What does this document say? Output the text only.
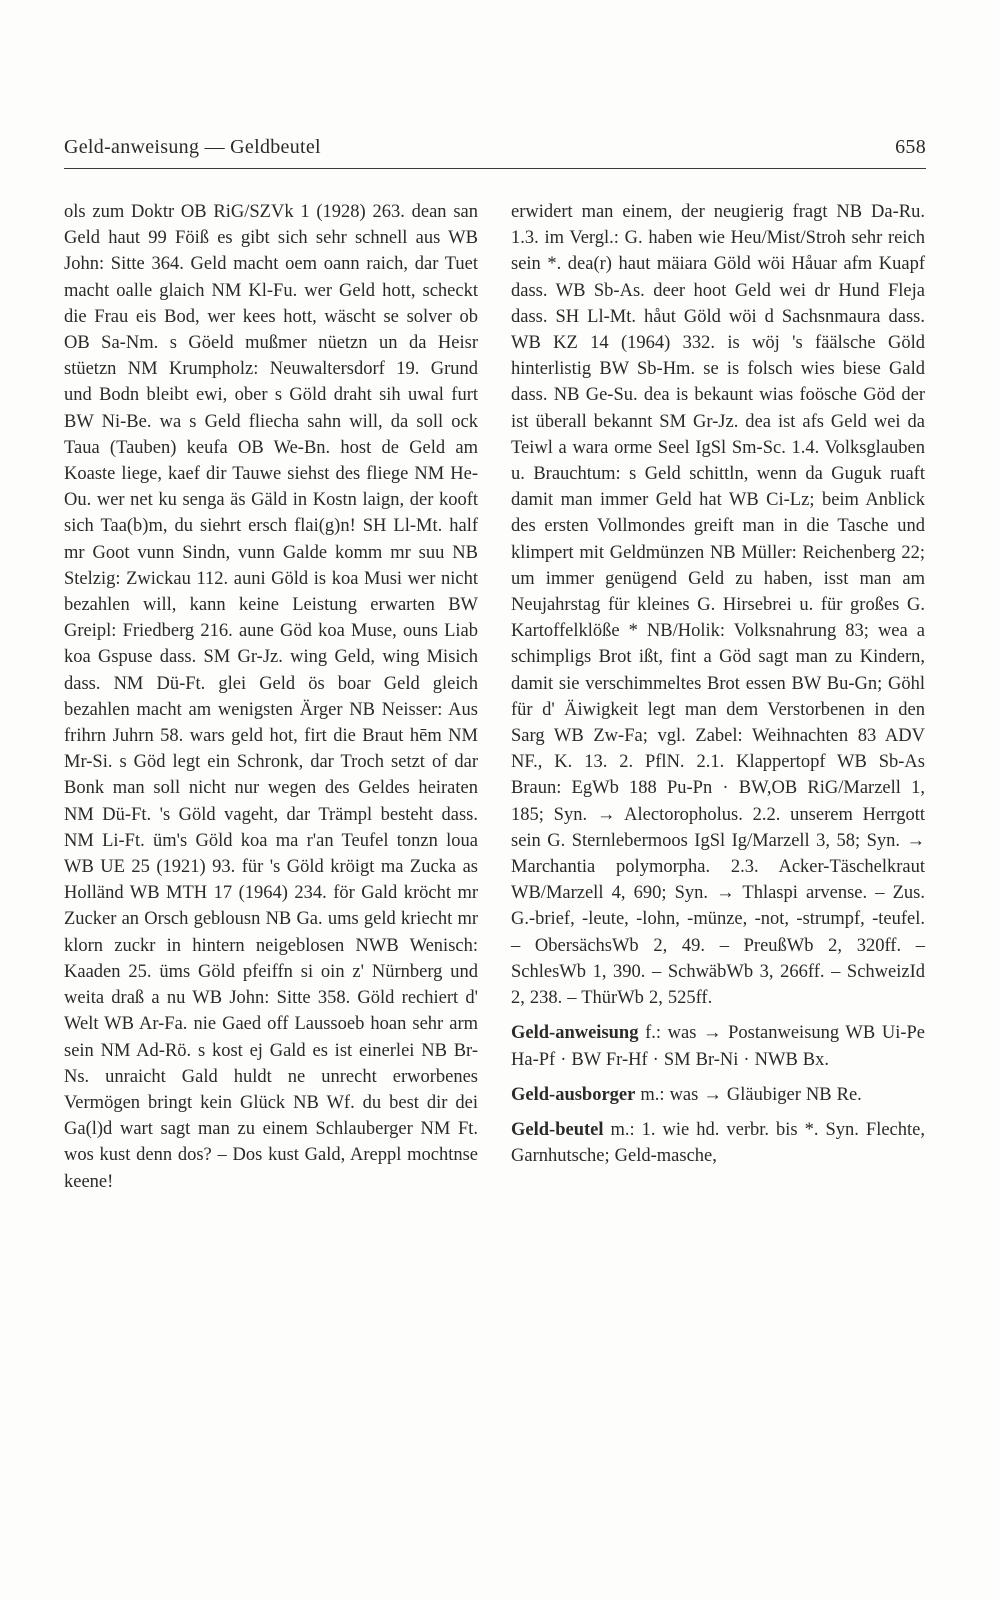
Geld-anweisung — Geldbeutel	658

ols zum Doktr OB RiG/SZVk 1 (1928) 263. dean san Geld haut 99 Föiß es gibt sich sehr schnell aus WB John: Sitte 364. Geld macht oem oann raich, dar Tuet macht oalle glaich NM Kl-Fu. wer Geld hott, scheckt die Frau eis Bod, wer kees hott, wäscht se solver ob OB Sa-Nm. s Göeld mußmer nüetzn un da Heisr stüetzn NM Krumpholz: Neuwaltersdorf 19. Grund und Bodn bleibt ewi, ober s Göld draht sih uwal furt BW Ni-Be. wa s Geld fliecha sahn will, da soll ock Taua (Tauben) keufa OB We-Bn. host de Geld am Koaste liege, kaef dir Tauwe siehst des fliege NM He-Ou. wer net ku senga äs Gäld in Kostn laign, der kooft sich Taa(b)m, du siehrt ersch flai(g)n! SH Ll-Mt. half mr Goot vunn Sindn, vunn Galde komm mr suu NB Stelzig: Zwickau 112. auni Göld is koa Musi wer nicht bezahlen will, kann keine Leistung erwarten BW Greipl: Friedberg 216. aune Göd koa Muse, ouns Liab koa Gspuse dass. SM Gr-Jz. wing Geld, wing Misich dass. NM Dü-Ft. glei Geld ös boar Geld gleich bezahlen macht am wenigsten Ärger NB Neisser: Aus frihrn Juhrn 58. wars geld hot, firt die Braut hēm NM Mr-Si. s Göd legt ein Schronk, dar Troch setzt of dar Bonk man soll nicht nur wegen des Geldes heiraten NM Dü-Ft. 's Göld vageht, dar Trämpl besteht dass. NM Li-Ft. üm's Göld koa ma r'an Teufel tonzn loua WB UE 25 (1921) 93. für 's Göld kröigt ma Zucka as Holländ WB MTH 17 (1964) 234. för Gald kröcht mr Zucker an Orsch geblousn NB Ga. ums geld kriecht mr klorn zuckr in hintern neigeblosen NWB Wenisch: Kaaden 25. üms Göld pfeiffn si oin z' Nürnberg und weita draß a nu WB John: Sitte 358. Göld rechiert d' Welt WB Ar-Fa. nie Gaed off Laussoeb hoan sehr arm sein NM Ad-Rö. s kost ej Gald es ist einerlei NB Br-Ns. unraicht Gald huldt ne unrecht erworbenes Vermögen bringt kein Glück NB Wf. du best dir dei Ga(l)d wart sagt man zu einem Schlauberger NM Ft. wos kust denn dos? – Dos kust Gald, Areppl mochtnse keene!

erwidert man einem, der neugierig fragt NB Da-Ru. 1.3. im Vergl.: G. haben wie Heu/Mist/Stroh sehr reich sein *. dea(r) haut mäiara Göld wöi Håuar afm Kuapf dass. WB Sb-As. deer hoot Geld wei dr Hund Fleja dass. SH Ll-Mt. håut Göld wöi d Sachsnmaura dass. WB KZ 14 (1964) 332. is wöj 's fäälsche Göld hinterlistig BW Sb-Hm. se is folsch wies biese Gald dass. NB Ge-Su. dea is bekaunt wias foösche Göd der ist überall bekannt SM Gr-Jz. dea ist afs Geld wei da Teiwl a wara orme Seel IgSl Sm-Sc. 1.4. Volksglauben u. Brauchtum: s Geld schittln, wenn da Guguk ruaft damit man immer Geld hat WB Ci-Lz; beim Anblick des ersten Vollmondes greift man in die Tasche und klimpert mit Geldmünzen NB Müller: Reichenberg 22; um immer genügend Geld zu haben, isst man am Neujahrstag für kleines G. Hirsebrei u. für großes G. Kartoffelklöße * NB/Holik: Volksnahrung 83; wea a schimpligs Brot ißt, fint a Göd sagt man zu Kindern, damit sie verschimmeltes Brot essen BW Bu-Gn; Göhl für d' Äiwigkeit legt man dem Verstorbenen in den Sarg WB Zw-Fa; vgl. Zabel: Weihnachten 83 ADV NF., K. 13. 2. PflN. 2.1. Klappertopf WB Sb-As Braun: EgWb 188 Pu-Pn · BW,OB RiG/Marzell 1, 185; Syn. → Alectoropholus. 2.2. unserem Herrgott sein G. Sternlebermoos IgSl Ig/Marzell 3, 58; Syn. → Marchantia polymorpha. 2.3. Acker-Täschelkraut WB/Marzell 4, 690; Syn. → Thlaspi arvense. – Zus. G.-brief, -leute, -lohn, -münze, -not, -strumpf, -teufel. – ObersächsWb 2, 49. – PreußWb 2, 320ff. – SchlesWb 1, 390. – SchwäbWb 3, 266ff. – SchweizId 2, 238. – ThürWb 2, 525ff.

Geld-anweisung f.: was → Postanweisung WB Ui-Pe Ha-Pf · BW Fr-Hf · SM Br-Ni · NWB Bx.

Geld-ausborger m.: was → Gläubiger NB Re.

Geld-beutel m.: 1. wie hd. verbr. bis *. Syn. Flechte, Garnhutsche; Geld-masche,
